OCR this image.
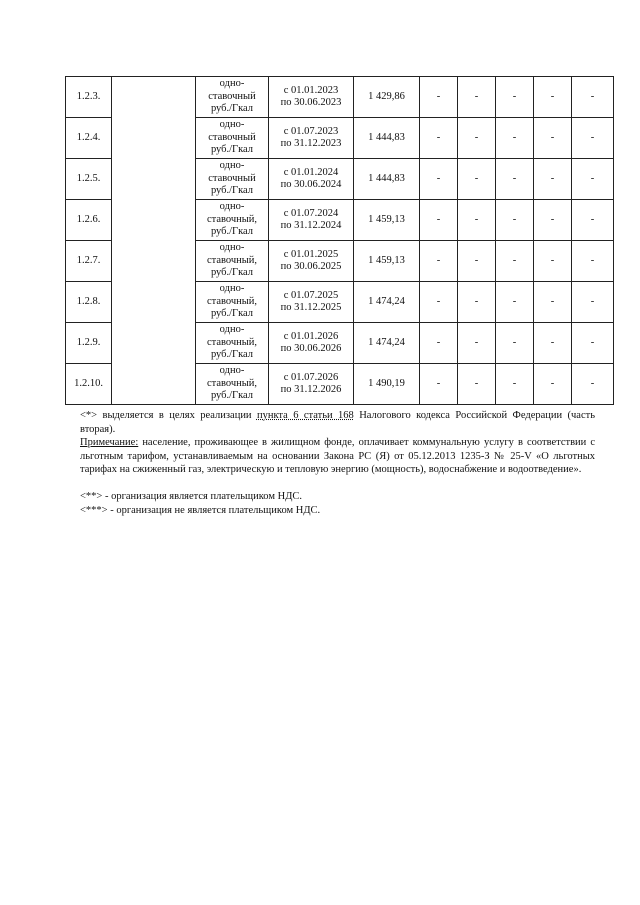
1.2.3.		одно-
ставочный
руб./Гкал	с 01.01.2023
по 30.06.2023	1 429,86	-	-	-	-	-
1.2.4.		одно-
ставочный
руб./Гкал	с 01.07.2023
по 31.12.2023	1 444,83	-	-	-	-	-
1.2.5.		одно-
ставочный
руб./Гкал	с 01.01.2024
по 30.06.2024	1 444,83	-	-	-	-	-
1.2.6.		одно-
ставочный,
руб./Гкал	с 01.07.2024
по 31.12.2024	1 459,13	-	-	-	-	-
1.2.7.		одно-
ставочный,
руб./Гкал	с 01.01.2025
по 30.06.2025	1 459,13	-	-	-	-	-
1.2.8.		одно-
ставочный,
руб./Гкал	с 01.07.2025
по 31.12.2025	1 474,24	-	-	-	-	-
1.2.9.		одно-
ставочный,
руб./Гкал	с 01.01.2026
по 30.06.2026	1 474,24	-	-	-	-	-
1.2.10.		одно-
ставочный,
руб./Гкал	с 01.07.2026
по 31.12.2026	1 490,19	-	-	-	-	-

<*> выделяется в целях реализации пункта 6 статьи 168 Налогового кодекса Российской Федерации (часть вторая).

Примечание: население, проживающее в жилищном фонде, оплачивает коммунальную услугу в соответствии с льготным тарифом, устанавливаемым на основании Закона РС (Я) от 05.12.2013 1235-З № 25-V «О льготных тарифах на сжиженный газ, электрическую и тепловую энергию (мощность), водоснабжение и водоотведение».

<**> - организация является плательщиком НДС.

<***> - организация не является плательщиком НДС.
